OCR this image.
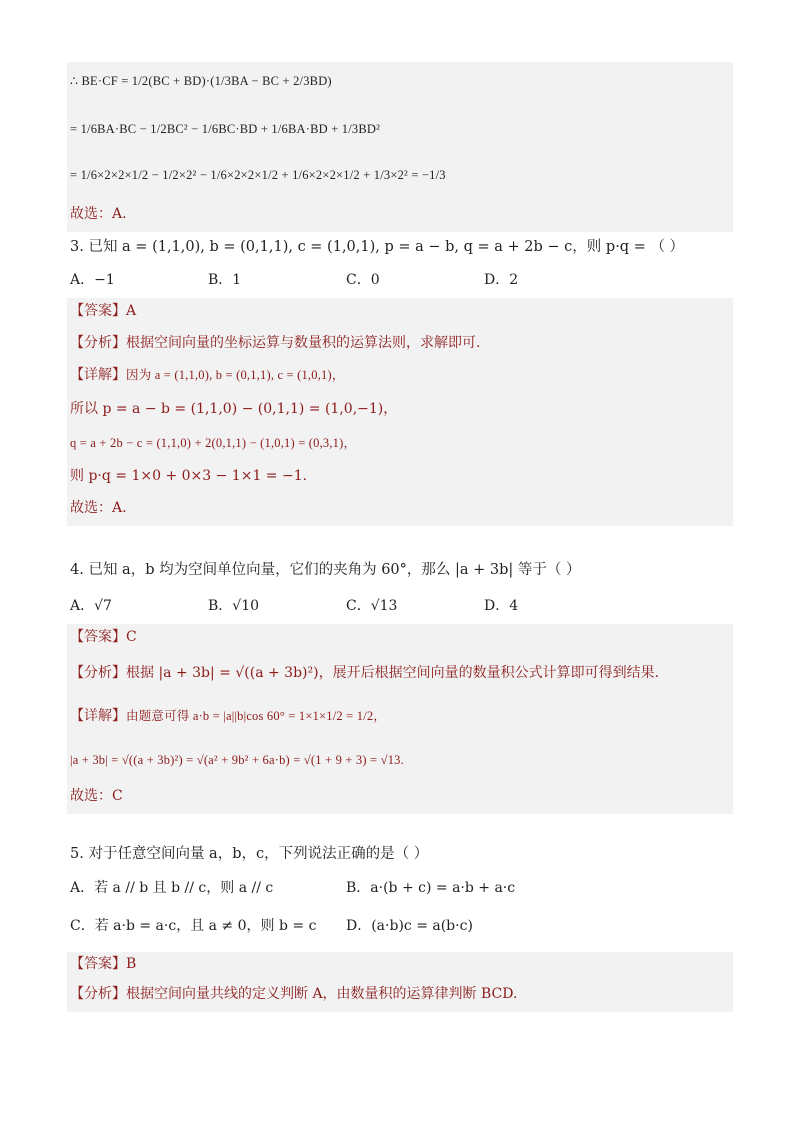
∴ BE·CF = 1/2(BC + BD)·(1/3BA − BC + 2/3BD)
= 1/6BA·BC − 1/2BC² − 1/6BC·BD + 1/6BA·BD + 1/3BD²
= 1/6×2×2×1/2 − 1/2×2² − 1/6×2×2×1/2 + 1/6×2×2×1/2 + 1/3×2² = −1/3
故选：A.
3. 已知 a = (1,1,0), b = (0,1,1), c = (1,0,1), p = a − b, q = a + 2b − c，则 p·q = （ ）
A．−1	B．1	C．0	D．2
【答案】A
【分析】根据空间向量的坐标运算与数量积的运算法则，求解即可.
【详解】因为 a = (1,1,0), b = (0,1,1), c = (1,0,1)，
所以 p = a − b = (1,1,0) − (0,1,1) = (1,0,−1)，
q = a + 2b − c = (1,1,0) + 2(0,1,1) − (1,0,1) = (0,3,1)，
则 p·q = 1×0 + 0×3 − 1×1 = −1.
故选：A.
4. 已知 a，b 均为空间单位向量，它们的夹角为 60°，那么 |a + 3b| 等于（ ）
A．√7	B．√10	C．√13	D．4
【答案】C
【分析】根据 |a + 3b| = √((a + 3b)²)，展开后根据空间向量的数量积公式计算即可得到结果.
【详解】由题意可得 a·b = |a||b|cos 60° = 1×1×1/2 = 1/2，
|a + 3b| = √((a + 3b)²) = √(a² + 9b² + 6a·b) = √(1 + 9 + 3) = √13.
故选：C
5. 对于任意空间向量 a，b，c，下列说法正确的是（ ）
A．若 a // b 且 b // c，则 a // c	B．a·(b + c) = a·b + a·c
C．若 a·b = a·c，且 a ≠ 0，则 b = c D．(a·b)c = a(b·c)
【答案】B
【分析】根据空间向量共线的定义判断 A，由数量积的运算律判断 BCD.
